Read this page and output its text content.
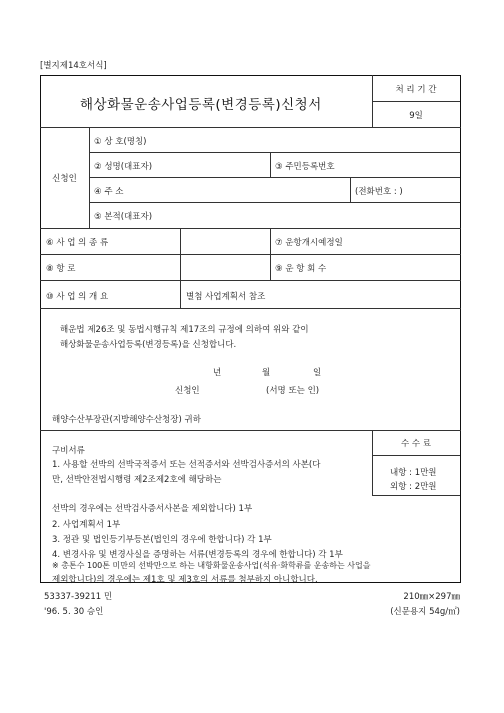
[별지제14호서식]
해상화물운송사업등록(변경등록)신청서
처 리 기 간
9일
신청인
① 상 호(명칭)
② 성명(대표자)	③ 주민등록번호
④ 주 소	(전화번호 : )
⑤ 본적(대표자)
⑥ 사 업 의 종 류	⑦ 운항개시예정일
⑧ 항 로	⑨ 운 항 회 수
⑩ 사 업 의 개 요	별첨 사업계획서 참조
해운법 제26조 및 동법시행규칙 제17조의 규정에 의하여 위와 같이
해상화물운송사업등록(변경등록)을 신청합니다.
년	월	일
신청인	(서명 또는 인)
해양수산부장관(지방해양수산청장) 귀하
구비서류
1. 사용할 선박의 선박국적증서 또는 선적증서와 선박검사증서의 사본(다
만, 선박안전법시행령 제2조제2호에 해당하는
선박의 경우에는 선박검사증서사본을 제외합니다) 1부
2. 사업계획서 1부
3. 정관 및 법인등기부등본(법인의 경우에 한합니다) 각 1부
4. 변경사유 및 변경사실을 증명하는 서류(변경등록의 경우에 한합니다) 각 1부
※ 총톤수 100톤 미만의 선박만으로 하는 내항화물운송사업(석유·화학류를 운송하는 사업을
제외합니다)의 경우에는 제1호 및 제3호의 서류를 첨부하지 아니합니다.
수 수 료
내항 : 1만원
외항 : 2만원
53337-39211 민
'96. 5. 30 승인
210㎜×297㎜
(신문용지 54g/㎡)
